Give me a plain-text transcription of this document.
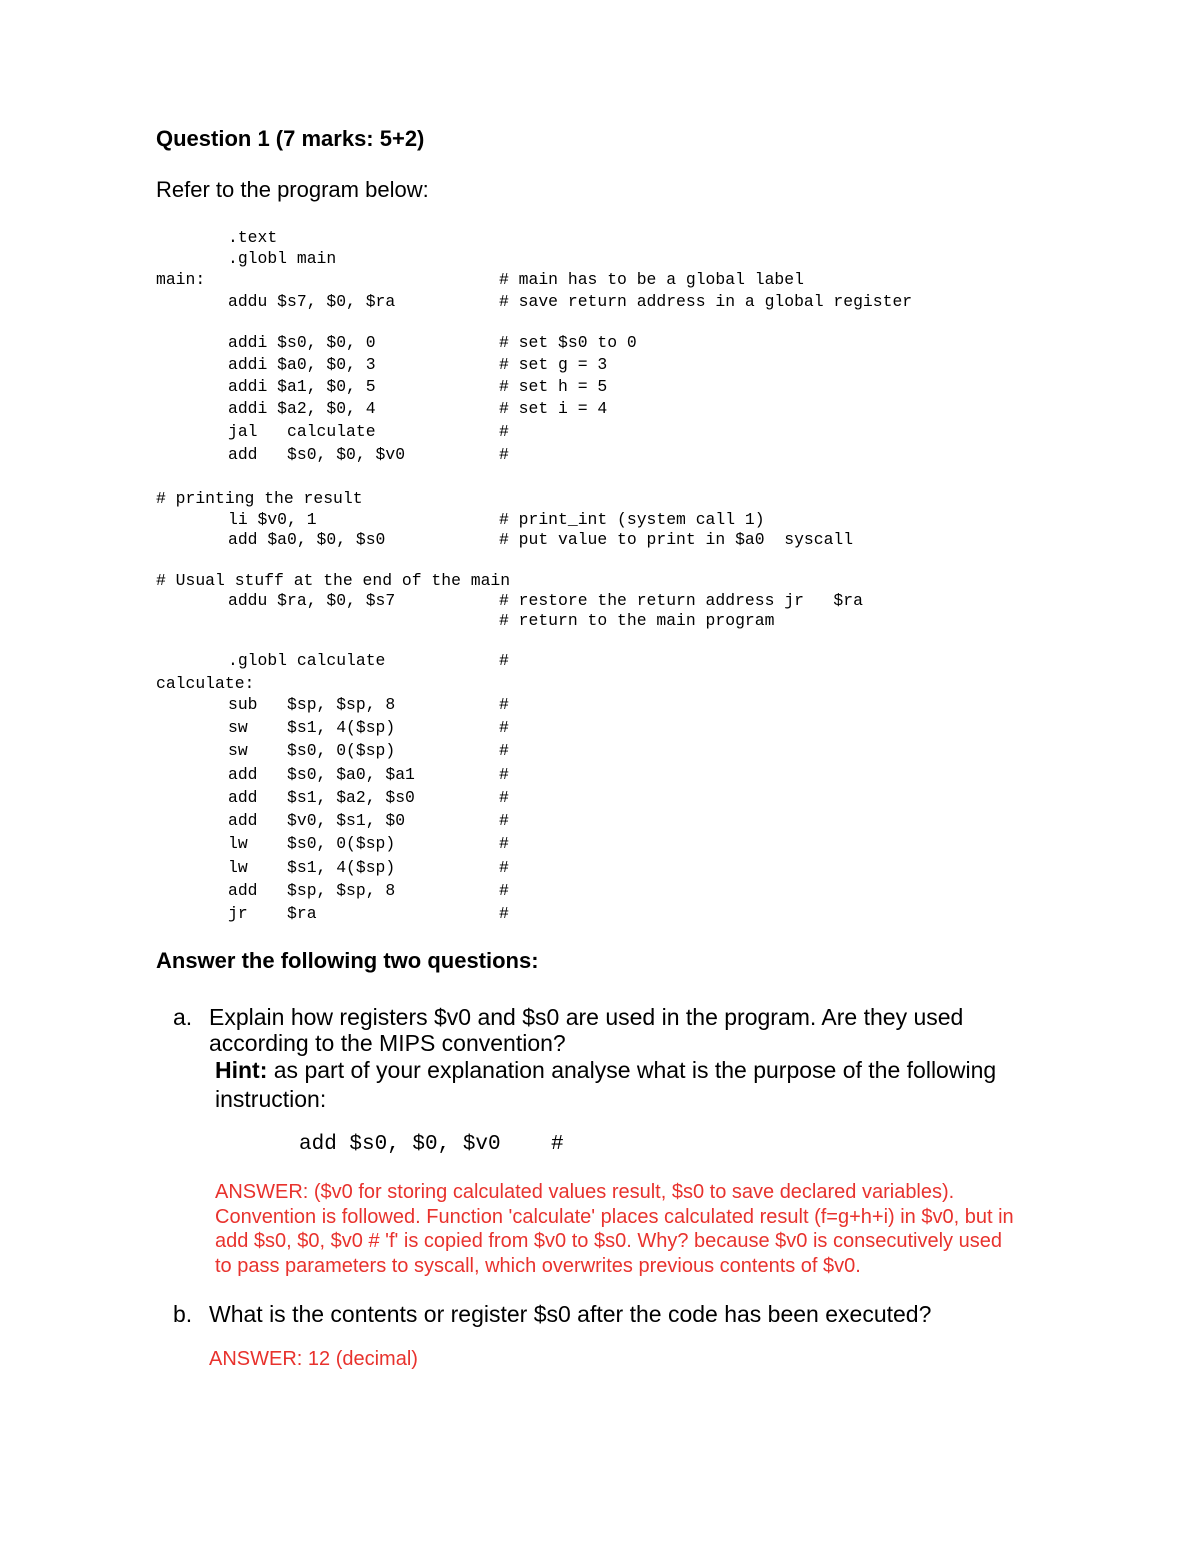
Question 1 (7 marks: 5+2)
Refer to the program below:
.text
.globl main
main:	# main has to be a global label
addu $s7, $0, $ra	# save return address in a global register
addi $s0, $0, 0	# set $s0 to 0
addi $a0, $0, 3	# set g = 3
addi $a1, $0, 5	# set h = 5
addi $a2, $0, 4	# set i = 4
jal   calculate	#
add   $s0, $0, $v0	#
# printing the result
li $v0, 1	# print_int (system call 1)
add $a0, $0, $s0	# put value to print in $a0  syscall
# Usual stuff at the end of the main
addu $ra, $0, $s7	# restore the return address jr   $ra
# return to the main program
.globl calculate	#
calculate:
sub   $sp, $sp, 8	#
sw    $s1, 4($sp)	#
sw    $s0, 0($sp)	#
add   $s0, $a0, $a1	#
add   $s1, $a2, $s0	#
add   $v0, $s1, $0	#
lw    $s0, 0($sp)	#
lw    $s1, 4($sp)	#
add   $sp, $sp, 8	#
jr    $ra	#
Answer the following two questions:
a. Explain how registers $v0 and $s0 are used in the program. Are they used
according to the MIPS convention?
Hint: as part of your explanation analyse what is the purpose of the following
instruction:
add $s0, $0, $v0    #
ANSWER: ($v0 for storing calculated values result, $s0 to save declared variables).
Convention is followed. Function 'calculate' places calculated result (f=g+h+i) in $v0, but in
add $s0, $0, $v0 # 'f' is copied from $v0 to $s0. Why? because $v0 is consecutively used
to pass parameters to syscall, which overwrites previous contents of $v0.
b. What is the contents or register $s0 after the code has been executed?
ANSWER: 12 (decimal)
